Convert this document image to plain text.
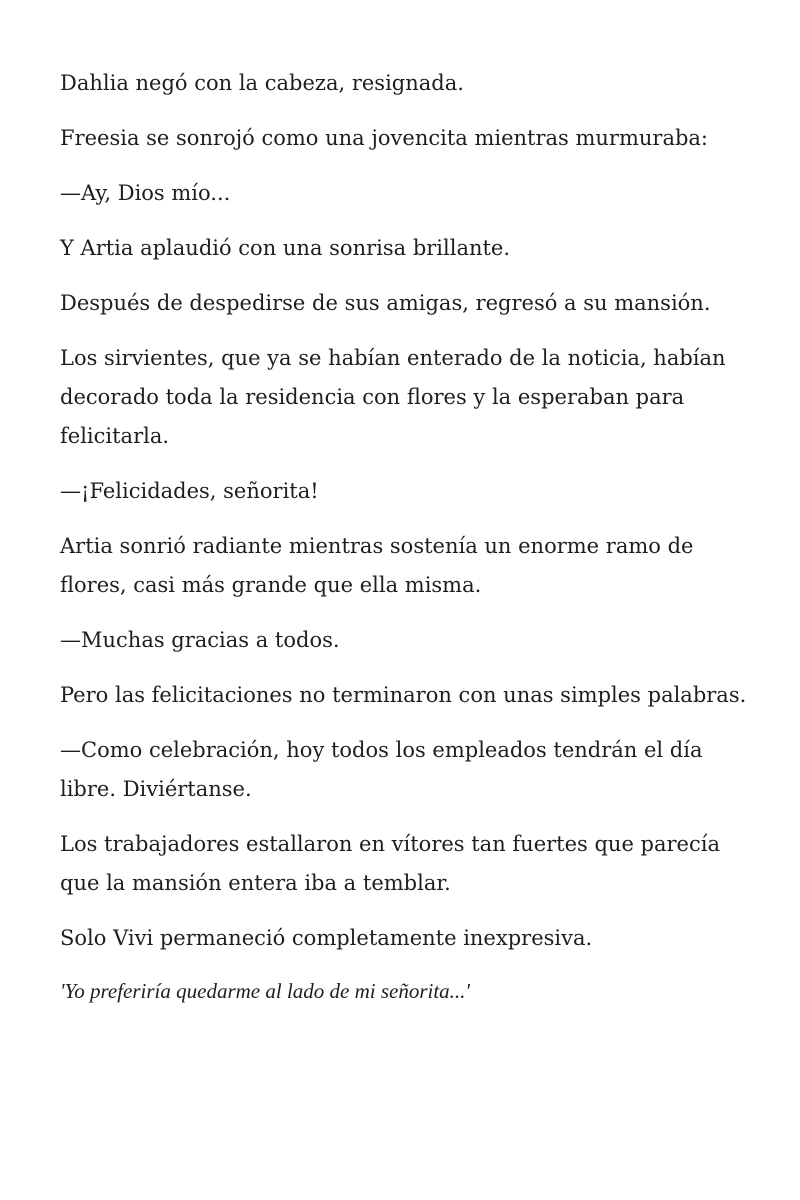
Dahlia negó con la cabeza, resignada.

Freesia se sonrojó como una jovencita mientras murmuraba:

—Ay, Dios mío...

Y Artia aplaudió con una sonrisa brillante.

Después de despedirse de sus amigas, regresó a su mansión.

Los sirvientes, que ya se habían enterado de la noticia, habían decorado toda la residencia con flores y la esperaban para felicitarla.

—¡Felicidades, señorita!

Artia sonrió radiante mientras sostenía un enorme ramo de flores, casi más grande que ella misma.

—Muchas gracias a todos.

Pero las felicitaciones no terminaron con unas simples palabras.

—Como celebración, hoy todos los empleados tendrán el día libre. Diviértanse.

Los trabajadores estallaron en vítores tan fuertes que parecía que la mansión entera iba a temblar.

Solo Vivi permaneció completamente inexpresiva.

'Yo preferiría quedarme al lado de mi señorita...'
